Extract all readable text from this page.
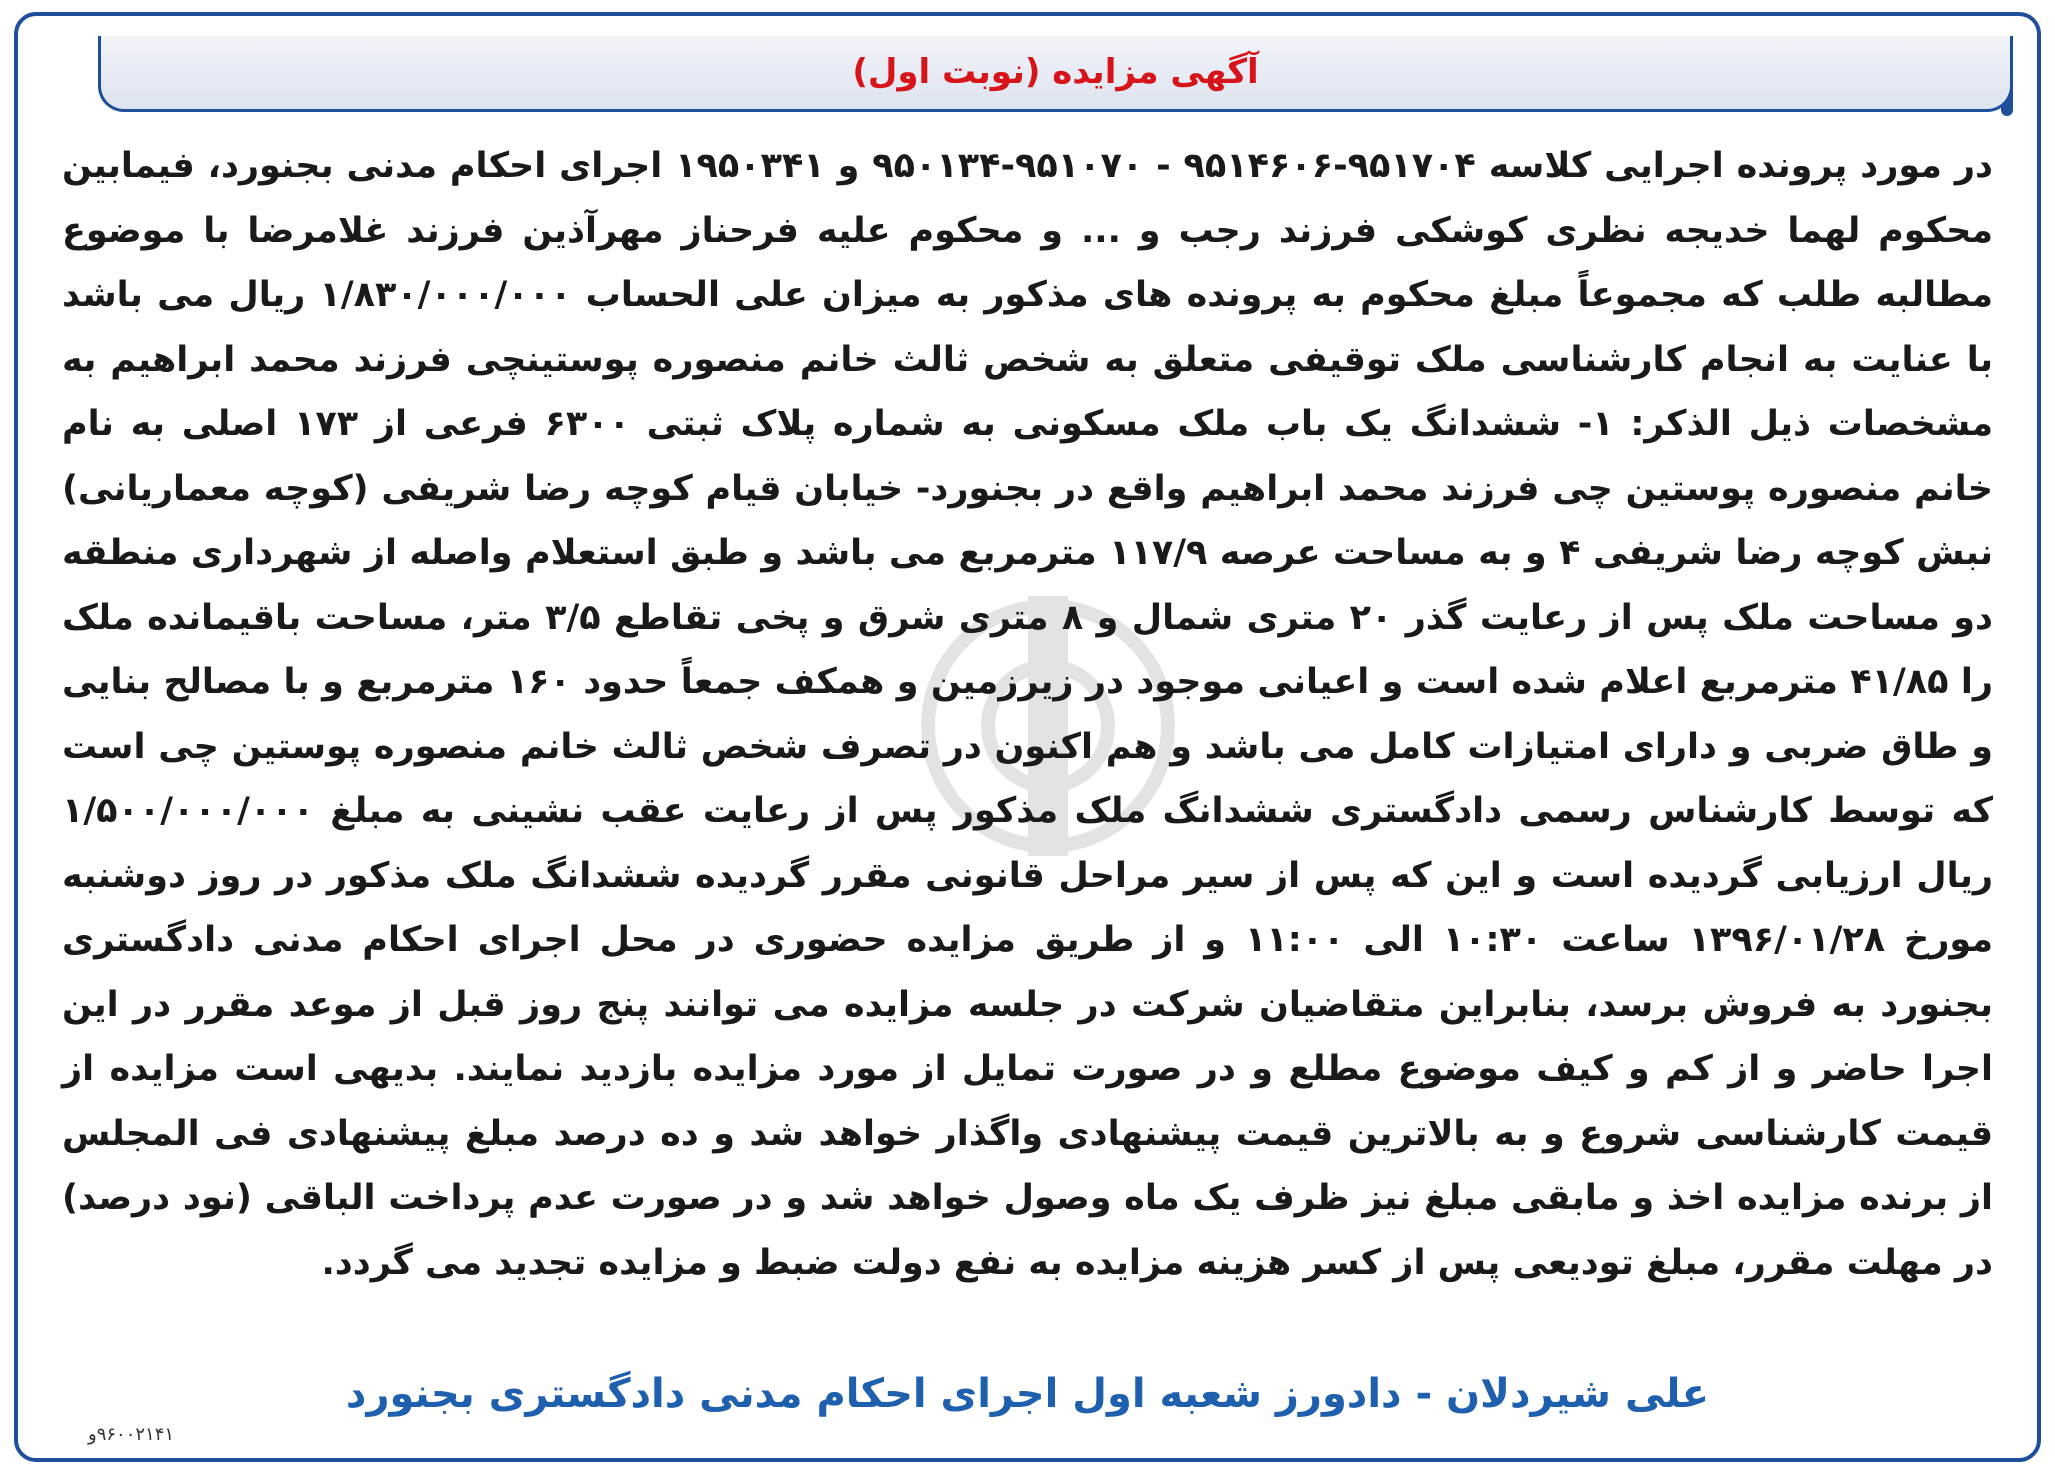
آگهی مزایده (نوبت اول)
در مورد پرونده اجرایی کلاسه ۹۵۱۷۰۴-۹۵۱۴۶۰۶ - ۹۵۱۰۷۰-۹۵۰۱۳۴ و ۱۹۵۰۳۴۱ اجرای احکام مدنی بجنورد، فیمابین محکوم لهما خدیجه نظری کوشکی فرزند رجب و ... و محکوم علیه فرحناز مهرآذین فرزند غلامرضا با موضوع مطالبه طلب که مجموعاً مبلغ محکوم به پرونده های مذکور به میزان علی الحساب ۱/۸۳۰/۰۰۰/۰۰۰ ریال می باشد با عنایت به انجام کارشناسی ملک توقیفی متعلق به شخص ثالث خانم منصوره پوستینچی فرزند محمد ابراهیم به مشخصات ذیل الذکر: ۱- ششدانگ یک باب ملک مسکونی به شماره پلاک ثبتی ۶۳۰۰ فرعی از ۱۷۳ اصلی به نام خانم منصوره پوستین چی فرزند محمد ابراهیم واقع در بجنورد- خیابان قیام کوچه رضا شریفی (کوچه معماریانی) نبش کوچه رضا شریفی ۴ و به مساحت عرصه ۱۱۷/۹ مترمربع می باشد و طبق استعلام واصله از شهرداری منطقه دو مساحت ملک پس از رعایت گذر ۲۰ متری شمال و ۸ متری شرق و پخی تقاطع ۳/۵ متر، مساحت باقیمانده ملک را ۴۱/۸۵ مترمربع اعلام شده است و اعیانی موجود در زیرزمین و همکف جمعاً حدود ۱۶۰ مترمربع و با مصالح بنایی و طاق ضربی و دارای امتیازات کامل می باشد و هم اکنون در تصرف شخص ثالث خانم منصوره پوستین چی است که توسط کارشناس رسمی دادگستری ششدانگ ملک مذکور پس از رعایت عقب نشینی به مبلغ ۱/۵۰۰/۰۰۰/۰۰۰ ریال ارزیابی گردیده است و این که پس از سیر مراحل قانونی مقرر گردیده ششدانگ ملک مذکور در روز دوشنبه مورخ ۱۳۹۶/۰۱/۲۸ ساعت ۱۰:۳۰ الی ۱۱:۰۰ و از طریق مزایده حضوری در محل اجرای احکام مدنی دادگستری بجنورد به فروش برسد، بنابراین متقاضیان شرکت در جلسه مزایده می توانند پنج روز قبل از موعد مقرر در این اجرا حاضر و از کم و کیف موضوع مطلع و در صورت تمایل از مورد مزایده بازدید نمایند. بدیهی است مزایده از قیمت کارشناسی شروع و به بالاترین قیمت پیشنهادی واگذار خواهد شد و ده درصد مبلغ پیشنهادی فی المجلس از برنده مزایده اخذ و مابقی مبلغ نیز ظرف یک ماه وصول خواهد شد و در صورت عدم پرداخت الباقی (نود درصد) در مهلت مقرر، مبلغ تودیعی پس از کسر هزینه مزایده به نفع دولت ضبط و مزایده تجدید می گردد.
علی شیردلان - دادورز شعبه اول اجرای احکام مدنی دادگستری بجنورد
۹۶۰۰۲۱۴۱و
